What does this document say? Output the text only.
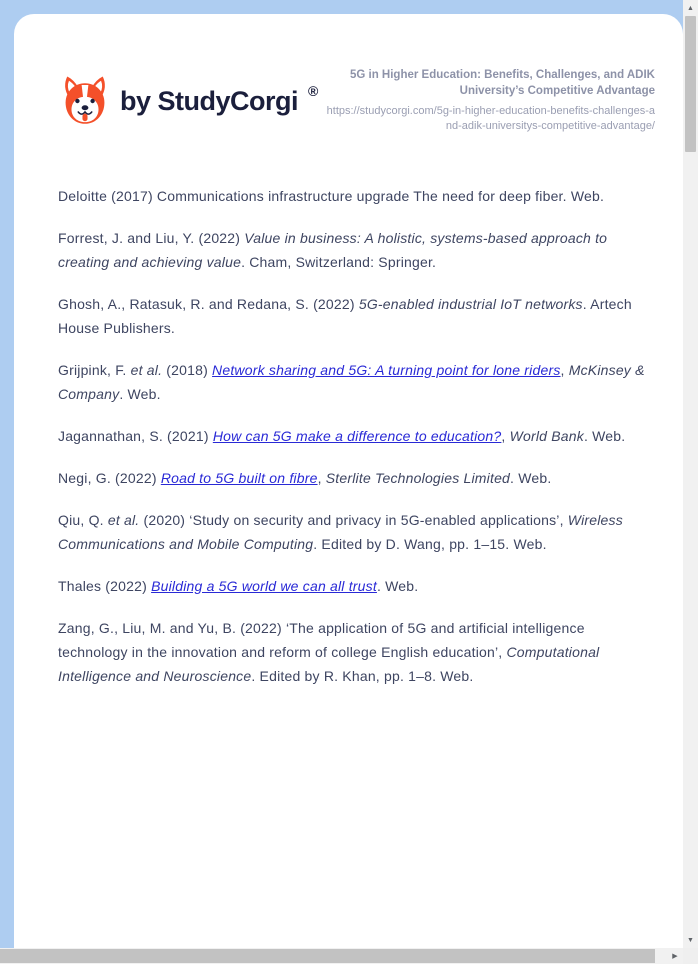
by StudyCorgi ®
5G in Higher Education: Benefits, Challenges, and ADIK University’s Competitive Advantage
https://studycorgi.com/5g-in-higher-education-benefits-challenges-and-adik-universitys-competitive-advantage/

Deloitte (2017) Communications infrastructure upgrade The need for deep fiber. Web.

Forrest, J. and Liu, Y. (2022) Value in business: A holistic, systems-based approach to creating and achieving value. Cham, Switzerland: Springer.

Ghosh, A., Ratasuk, R. and Redana, S. (2022) 5G-enabled industrial IoT networks. Artech House Publishers.

Grijpink, F. et al. (2018) Network sharing and 5G: A turning point for lone riders, McKinsey & Company. Web.

Jagannathan, S. (2021) How can 5G make a difference to education?, World Bank. Web.

Negi, G. (2022) Road to 5G built on fibre, Sterlite Technologies Limited. Web.

Qiu, Q. et al. (2020) ‘Study on security and privacy in 5G-enabled applications’, Wireless Communications and Mobile Computing. Edited by D. Wang, pp. 1–15. Web.

Thales (2022) Building a 5G world we can all trust. Web.

Zang, G., Liu, M. and Yu, B. (2022) ‘The application of 5G and artificial intelligence technology in the innovation and reform of college English education’, Computational Intelligence and Neuroscience. Edited by R. Khan, pp. 1–8. Web.

▲
▼
▶
